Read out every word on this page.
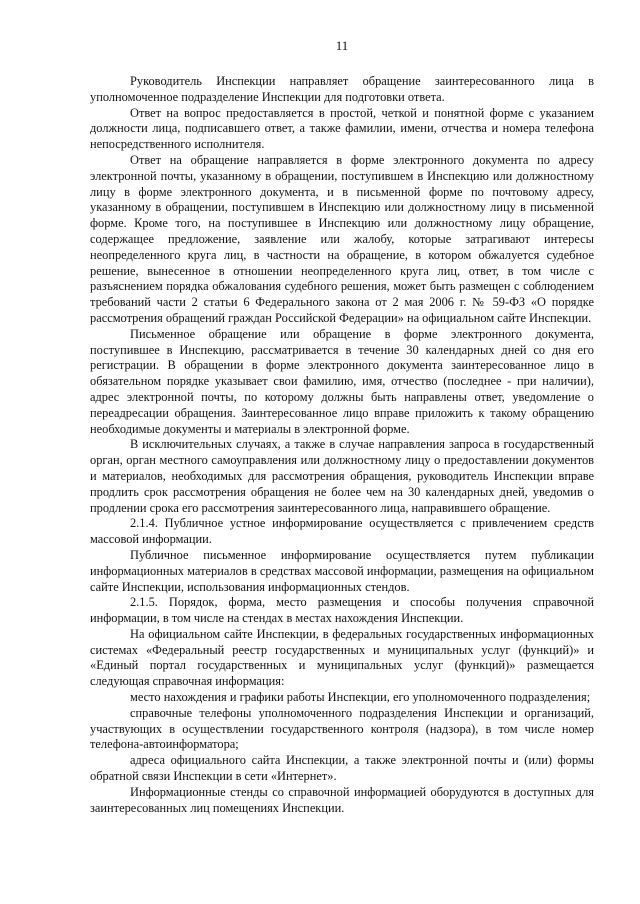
11

Руководитель Инспекции направляет обращение заинтересованного лица в уполномоченное подразделение Инспекции для подготовки ответа.

Ответ на вопрос предоставляется в простой, четкой и понятной форме с указанием должности лица, подписавшего ответ, а также фамилии, имени, отчества и номера телефона непосредственного исполнителя.

Ответ на обращение направляется в форме электронного документа по адресу электронной почты, указанному в обращении, поступившем в Инспекцию или должностному лицу в форме электронного документа, и в письменной форме по почтовому адресу, указанному в обращении, поступившем в Инспекцию или должностному лицу в письменной форме. Кроме того, на поступившее в Инспекцию или должностному лицу обращение, содержащее предложение, заявление или жалобу, которые затрагивают интересы неопределенного круга лиц, в частности на обращение, в котором обжалуется судебное решение, вынесенное в отношении неопределенного круга лиц, ответ, в том числе с разъяснением порядка обжалования судебного решения, может быть размещен с соблюдением требований части 2 статьи 6 Федерального закона от 2 мая 2006 г. № 59-ФЗ «О порядке рассмотрения обращений граждан Российской Федерации» на официальном сайте Инспекции.

Письменное обращение или обращение в форме электронного документа, поступившее в Инспекцию, рассматривается в течение 30 календарных дней со дня его регистрации. В обращении в форме электронного документа заинтересованное лицо в обязательном порядке указывает свои фамилию, имя, отчество (последнее - при наличии), адрес электронной почты, по которому должны быть направлены ответ, уведомление о переадресации обращения. Заинтересованное лицо вправе приложить к такому обращению необходимые документы и материалы в электронной форме.

В исключительных случаях, а также в случае направления запроса в государственный орган, орган местного самоуправления или должностному лицу о предоставлении документов и материалов, необходимых для рассмотрения обращения, руководитель Инспекции вправе продлить срок рассмотрения обращения не более чем на 30 календарных дней, уведомив о продлении срока его рассмотрения заинтересованного лица, направившего обращение.

2.1.4. Публичное устное информирование осуществляется с привлечением средств массовой информации.

Публичное письменное информирование осуществляется путем публикации информационных материалов в средствах массовой информации, размещения на официальном сайте Инспекции, использования информационных стендов.

2.1.5. Порядок, форма, место размещения и способы получения справочной информации, в том числе на стендах в местах нахождения Инспекции.

На официальном сайте Инспекции, в федеральных государственных информационных системах «Федеральный реестр государственных и муниципальных услуг (функций)» и «Единый портал государственных и муниципальных услуг (функций)» размещается следующая справочная информация:

место нахождения и графики работы Инспекции, его уполномоченного подразделения;

справочные телефоны уполномоченного подразделения Инспекции и организаций, участвующих в осуществлении государственного контроля (надзора), в том числе номер телефона-автоинформатора;

адреса официального сайта Инспекции, а также электронной почты и (или) формы обратной связи Инспекции в сети «Интернет».

Информационные стенды со справочной информацией оборудуются в доступных для заинтересованных лиц помещениях Инспекции.
